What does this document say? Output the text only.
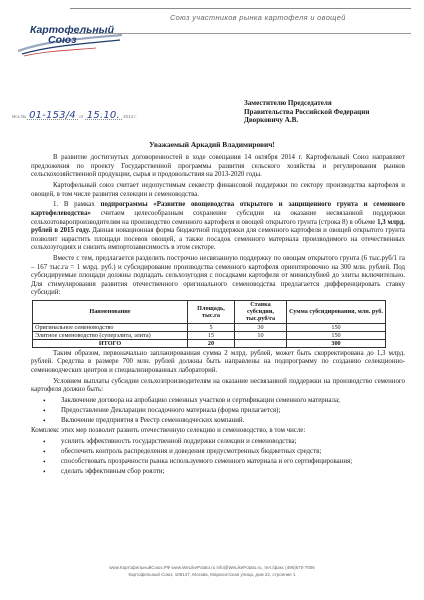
Союз участников рынка картофеля и овощей
Картофельный
Союз
Исх.№ 01-153/4 от 15.10. 2014 г.
Заместителю Председателя
Правительства Российской Федерации
Дворковичу А.В.
Уважаемый Аркадий Владимирович!

В развитие достигнутых договоренностей в ходе совещания 14 октября 2014 г. Картофельный Союз направляет предложения по проекту Государственной программы развития сельского хозяйства и регулирования рынков сельскохозяйственной продукции, сырья и продовольствия на 2013-2020 годы.

Картофельный союз считает недопустимым секвестр финансовой поддержки по сектору производства картофеля и овощей, в том числе развития селекции и семеноводства.

1. В рамках подпрограммы «Развитие овощеводства открытого и защищенного грунта и семенного картофелеводства» считаем целесообразным сохранение субсидии на оказание несвязанной поддержки сельхозтоваропроизводителям на производство семенного картофеля и овощей открытого грунта (строка 8) в объеме 1,3 млрд. рублей в 2015 году. Данная новационная форма бюджетной поддержки для семенного картофеля и овощей открытого грунта позволит нарастить площади посевов овощей, а также посадок семенного материала производимого на отечественных сельхозугодиях и снизить импортозависимость в этом секторе.

Вместе с тем, предлагается разделить построчно несвязанную поддержку по овощам открытого грунта (6 тыс.руб/1 га – 167 тыс.га = 1 млрд. руб.) и субсидирование производства семенного картофеля ориентировочно на 300 млн. рублей. Под субсидируемые площади должны подпадать сельхозугодия с посадками картофеля от миниклубней до элиты включительно. Для стимулирования развития отечественного оригинального семеноводства предлагается дифференцировать ставку субсидий:

Наименование	Площадь, тыс.га	Ставка субсидии, тыс.руб/га	Сумма субсидирования, млн. руб.
Оригинальное семеноводство	5	30	150
Элитное семеноводство (суперэлита, элита)	15	10	150
ИТОГО	20		300

Таким образом, первоначально запланированная сумма 2 млрд. рублей, может быть скорректирована до 1,3 млрд. рублей. Средства в размере 700 млн. рублей должны быть направлены на подпрограмму по созданию селекционно-семеноводческих центров и специализированных лабораторий.

Условием выплаты субсидии сельхозпроизводителям на оказание несвязанной поддержки на производство семенного картофеля должно быть:

• Заключение договора на апробацию семенных участков и сертификации семенного материала;
• Предоставление Декларации посадочного материала (форма прилагается);
• Включение предприятия в Реестр семеноводческих компаний.

Комплекс этих мер позволит развить отечественную селекцию и семеноводство, в том числе:

• усилить эффективность государственной поддержки селекции и семеноводства;
• обеспечить контроль распределения и доведения предусмотренных бюджетных средств;
• способствовать прозрачности рынка используемого семенного материала и его сертифицирования;
• сделать эффективным сбор роялти;
www.КартофельныйСоюз.РФ www.WeLikePotato.ru info@WeLikePotato.ru, тел./факс (495)670-7006
Картофельный Союз, 109147, Москва, Марксистская улица, дом 22, строение 1
